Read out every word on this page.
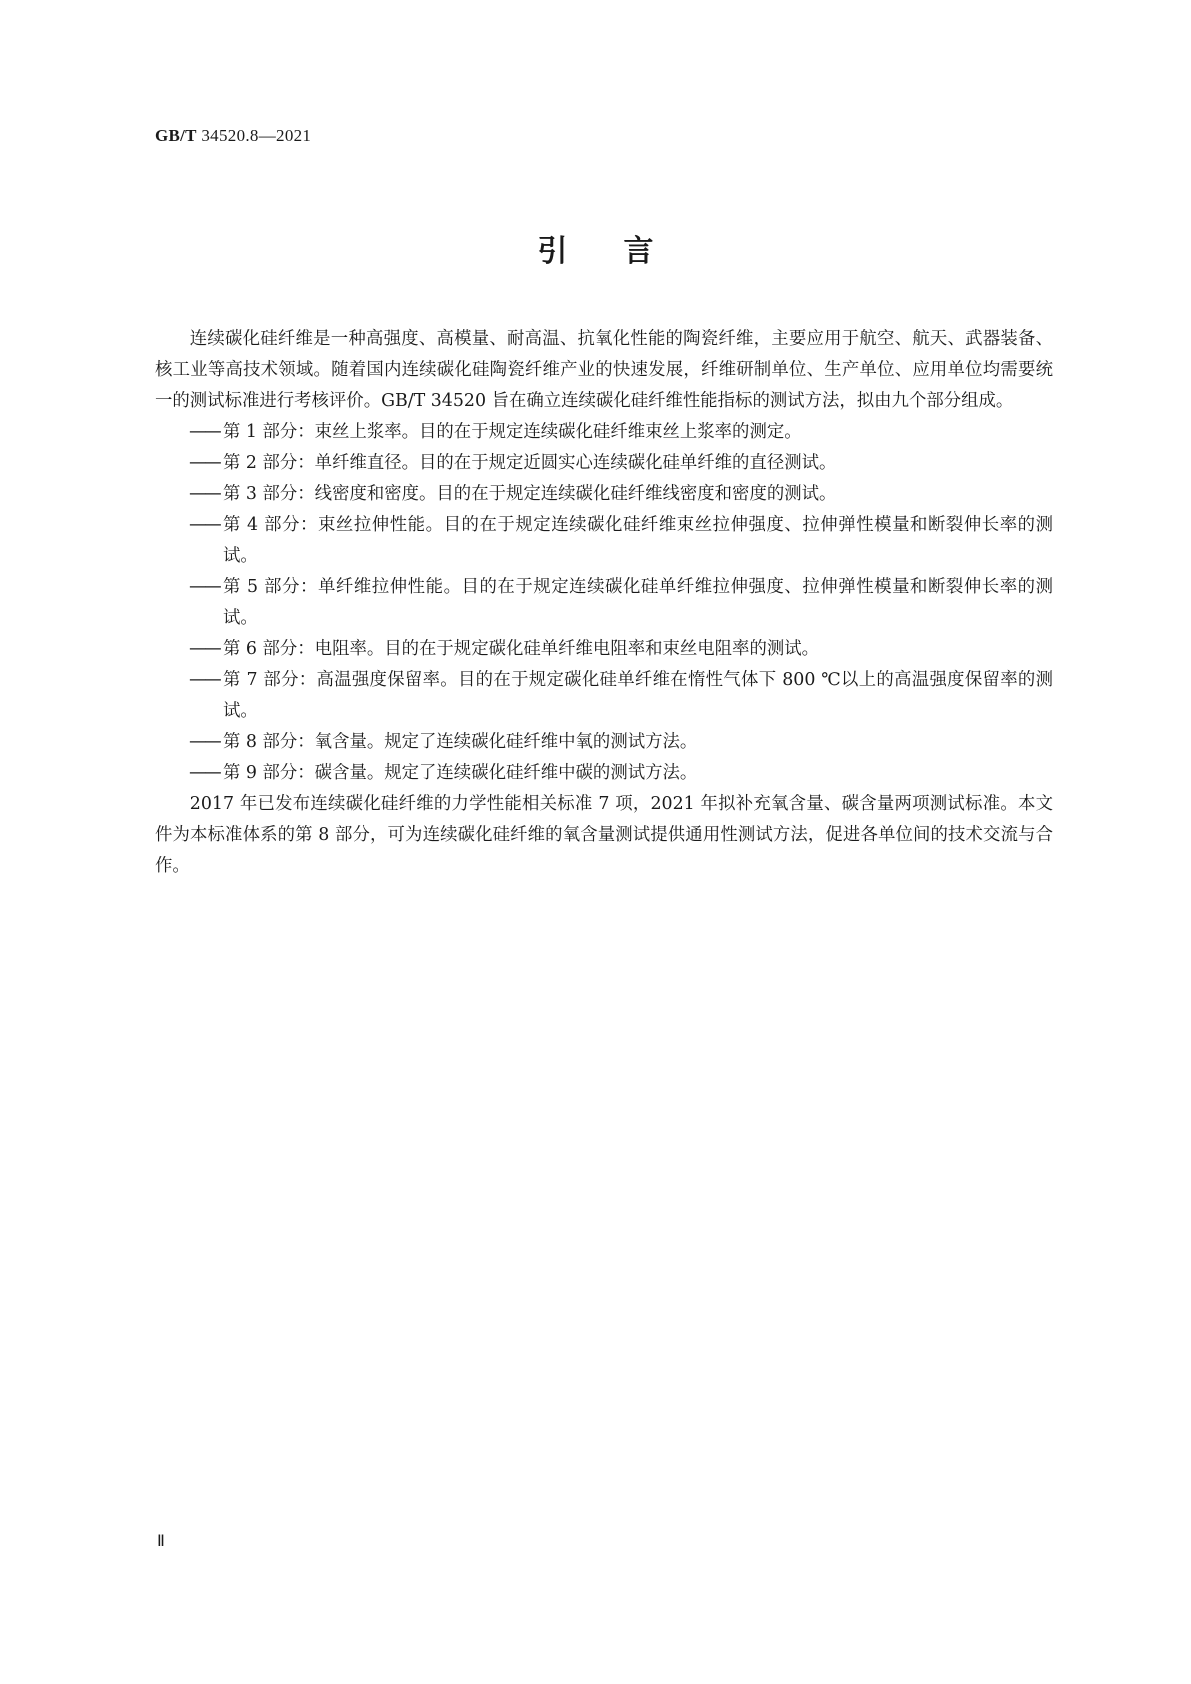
GB/T 34520.8—2021
引言

连续碳化硅纤维是一种高强度、高模量、耐高温、抗氧化性能的陶瓷纤维，主要应用于航空、航天、武器装备、核工业等高技术领域。随着国内连续碳化硅陶瓷纤维产业的快速发展，纤维研制单位、生产单位、应用单位均需要统一的测试标准进行考核评价。GB/T 34520 旨在确立连续碳化硅纤维性能指标的测试方法，拟由九个部分组成。

—— 第 1 部分：束丝上浆率。目的在于规定连续碳化硅纤维束丝上浆率的测定。
—— 第 2 部分：单纤维直径。目的在于规定近圆实心连续碳化硅单纤维的直径测试。
—— 第 3 部分：线密度和密度。目的在于规定连续碳化硅纤维线密度和密度的测试。
—— 第 4 部分：束丝拉伸性能。目的在于规定连续碳化硅纤维束丝拉伸强度、拉伸弹性模量和断裂伸长率的测试。
—— 第 5 部分：单纤维拉伸性能。目的在于规定连续碳化硅单纤维拉伸强度、拉伸弹性模量和断裂伸长率的测试。
—— 第 6 部分：电阻率。目的在于规定碳化硅单纤维电阻率和束丝电阻率的测试。
—— 第 7 部分：高温强度保留率。目的在于规定碳化硅单纤维在惰性气体下 800 ℃以上的高温强度保留率的测试。
—— 第 8 部分：氧含量。规定了连续碳化硅纤维中氧的测试方法。
—— 第 9 部分：碳含量。规定了连续碳化硅纤维中碳的测试方法。

2017 年已发布连续碳化硅纤维的力学性能相关标准 7 项，2021 年拟补充氧含量、碳含量两项测试标准。本文件为本标准体系的第 8 部分，可为连续碳化硅纤维的氧含量测试提供通用性测试方法，促进各单位间的技术交流与合作。

Ⅱ
